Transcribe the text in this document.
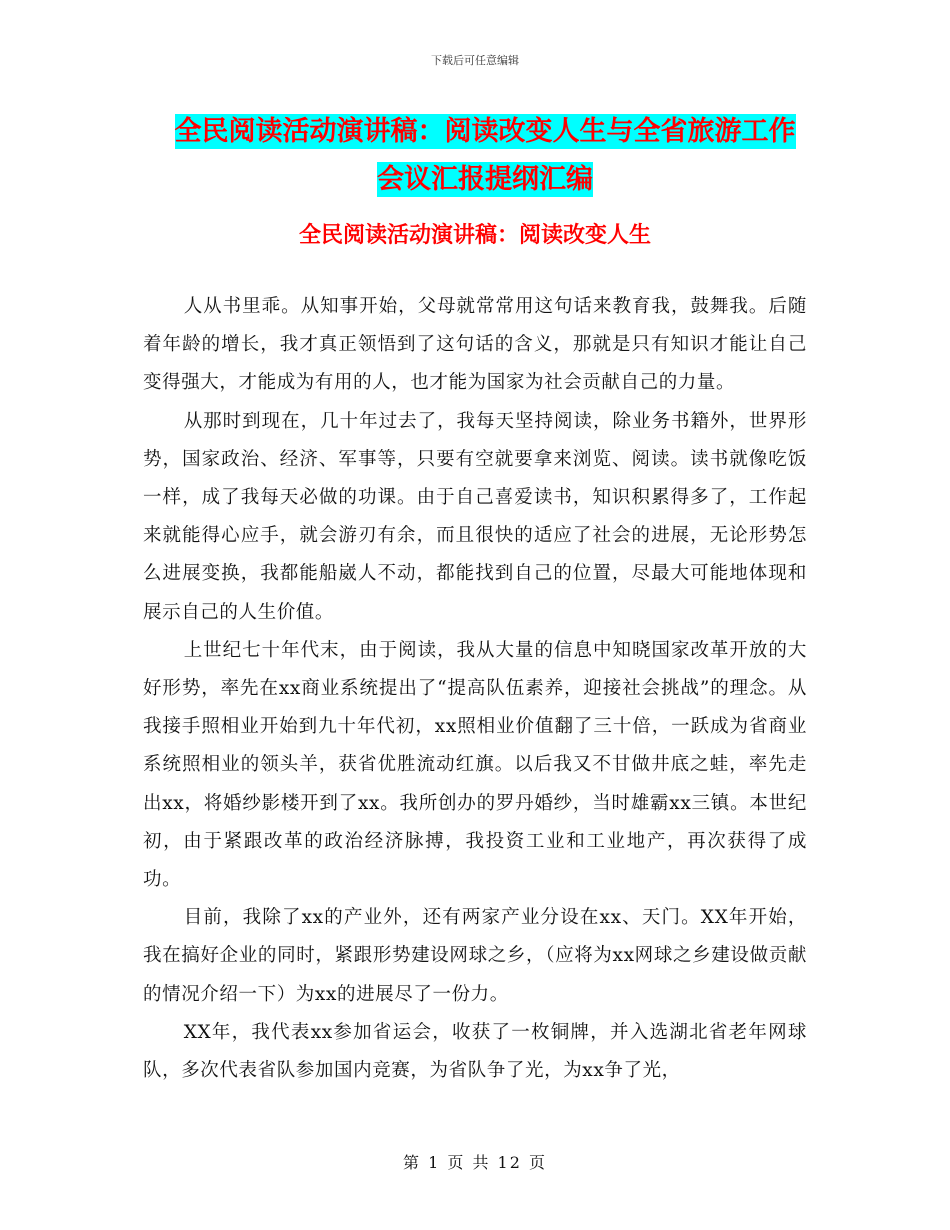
下载后可任意编辑
全民阅读活动演讲稿：阅读改变人生与全省旅游工作
会议汇报提纲汇编
全民阅读活动演讲稿：阅读改变人生

人从书里乖。从知事开始，父母就常常用这句话来教育我，鼓舞我。后随着年龄的增长，我才真正领悟到了这句话的含义，那就是只有知识才能让自己变得强大，才能成为有用的人，也才能为国家为社会贡献自己的力量。

从那时到现在，几十年过去了，我每天坚持阅读，除业务书籍外，世界形势，国家政治、经济、军事等，只要有空就要拿来浏览、阅读。读书就像吃饭一样，成了我每天必做的功课。由于自己喜爱读书，知识积累得多了，工作起来就能得心应手，就会游刃有余，而且很快的适应了社会的进展，无论形势怎么进展变换，我都能船崴人不动，都能找到自己的位置，尽最大可能地体现和展示自己的人生价值。

上世纪七十年代末，由于阅读，我从大量的信息中知晓国家改革开放的大好形势，率先在xx商业系统提出了“提高队伍素养，迎接社会挑战”的理念。从我接手照相业开始到九十年代初，xx照相业价值翻了三十倍，一跃成为省商业系统照相业的领头羊，获省优胜流动红旗。以后我又不甘做井底之蛙，率先走出xx，将婚纱影楼开到了xx。我所创办的罗丹婚纱，当时雄霸xx三镇。本世纪初，由于紧跟改革的政治经济脉搏，我投资工业和工业地产，再次获得了成功。

目前，我除了xx的产业外，还有两家产业分设在xx、天门。XX年开始，我在搞好企业的同时，紧跟形势建设网球之乡，（应将为xx网球之乡建设做贡献的情况介绍一下）为xx的进展尽了一份力。

XX年，我代表xx参加省运会，收获了一枚铜牌，并入选湖北省老年网球队，多次代表省队参加国内竞赛，为省队争了光，为xx争了光，

第 1 页 共 12 页
